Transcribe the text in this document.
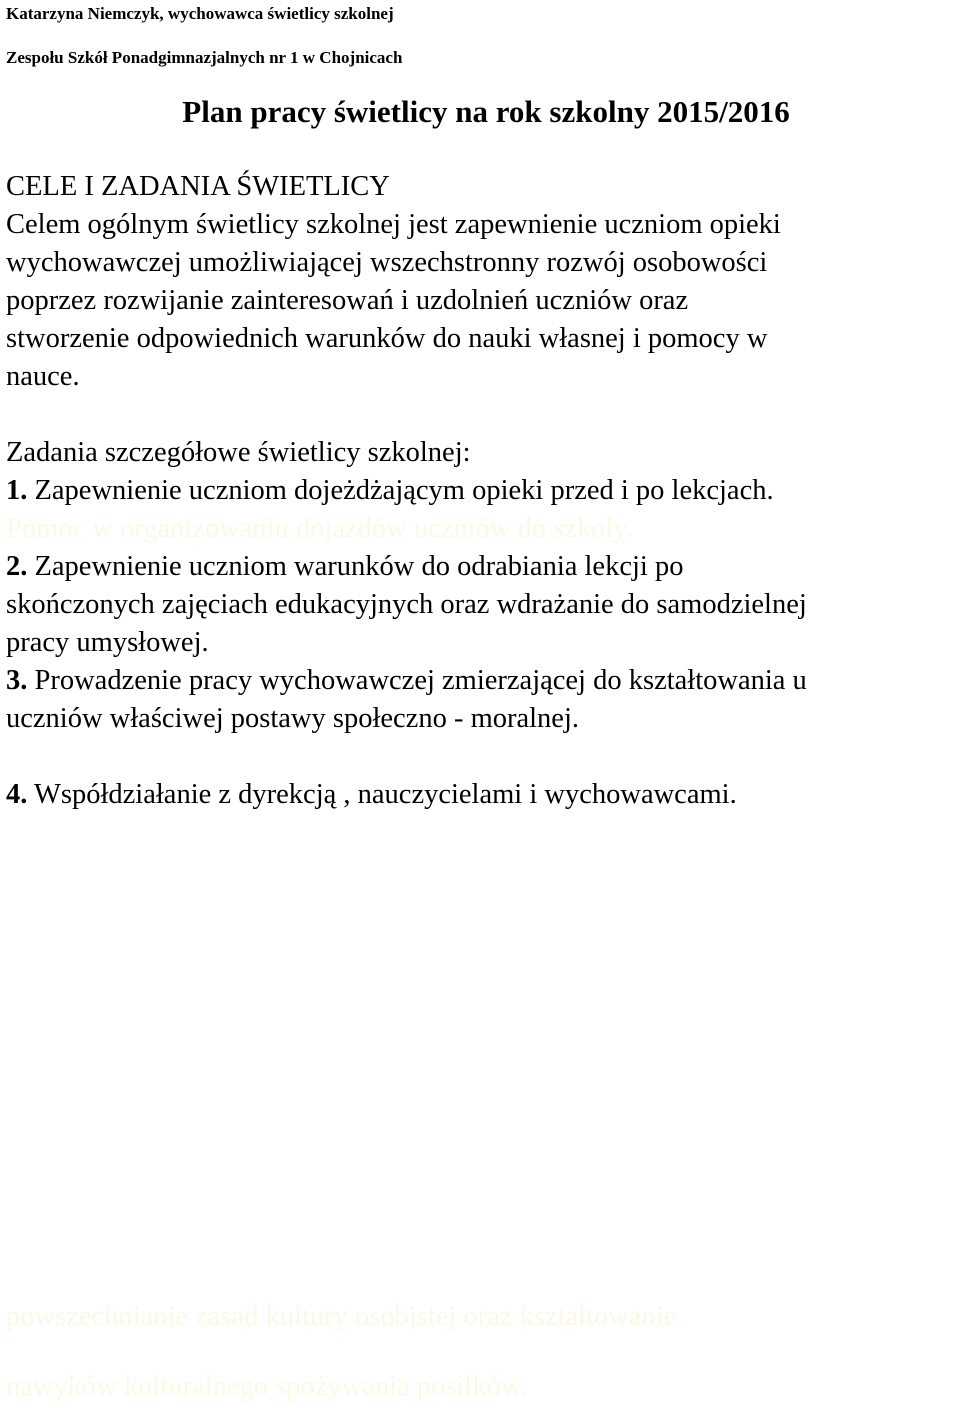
Katarzyna Niemczyk, wychowawca świetlicy szkolnej
Zespołu Szkół Ponadgimnazjalnych nr 1 w Chojnicach
Plan pracy świetlicy na rok szkolny 2015/2016
CELE I ZADANIA ŚWIETLICY
Celem ogólnym świetlicy szkolnej jest zapewnienie uczniom opieki
wychowawczej umożliwiającej wszechstronny rozwój osobowości
poprzez rozwijanie zainteresowań i uzdolnień uczniów oraz
stworzenie odpowiednich warunków do nauki własnej i pomocy w
nauce.
Zadania szczegółowe świetlicy szkolnej:
1. Zapewnienie uczniom dojeżdżającym opieki przed i po lekcjach.
Pomoc w organizowaniu dojazdów uczniów do szkoły.
2. Zapewnienie uczniom warunków do odrabiania lekcji po
skończonych zajęciach edukacyjnych oraz wdrażanie do samodzielnej
pracy umysłowej.
3. Prowadzenie pracy wychowawczej zmierzającej do kształtowania u
uczniów właściwej postawy społeczno - moralnej.
4. Współdziałanie z dyrekcją , nauczycielami i wychowawcami.
powszechnianie zasad kultury osobistej oraz kształtowanie
nawyków kulturalnego spożywania posiłków.
